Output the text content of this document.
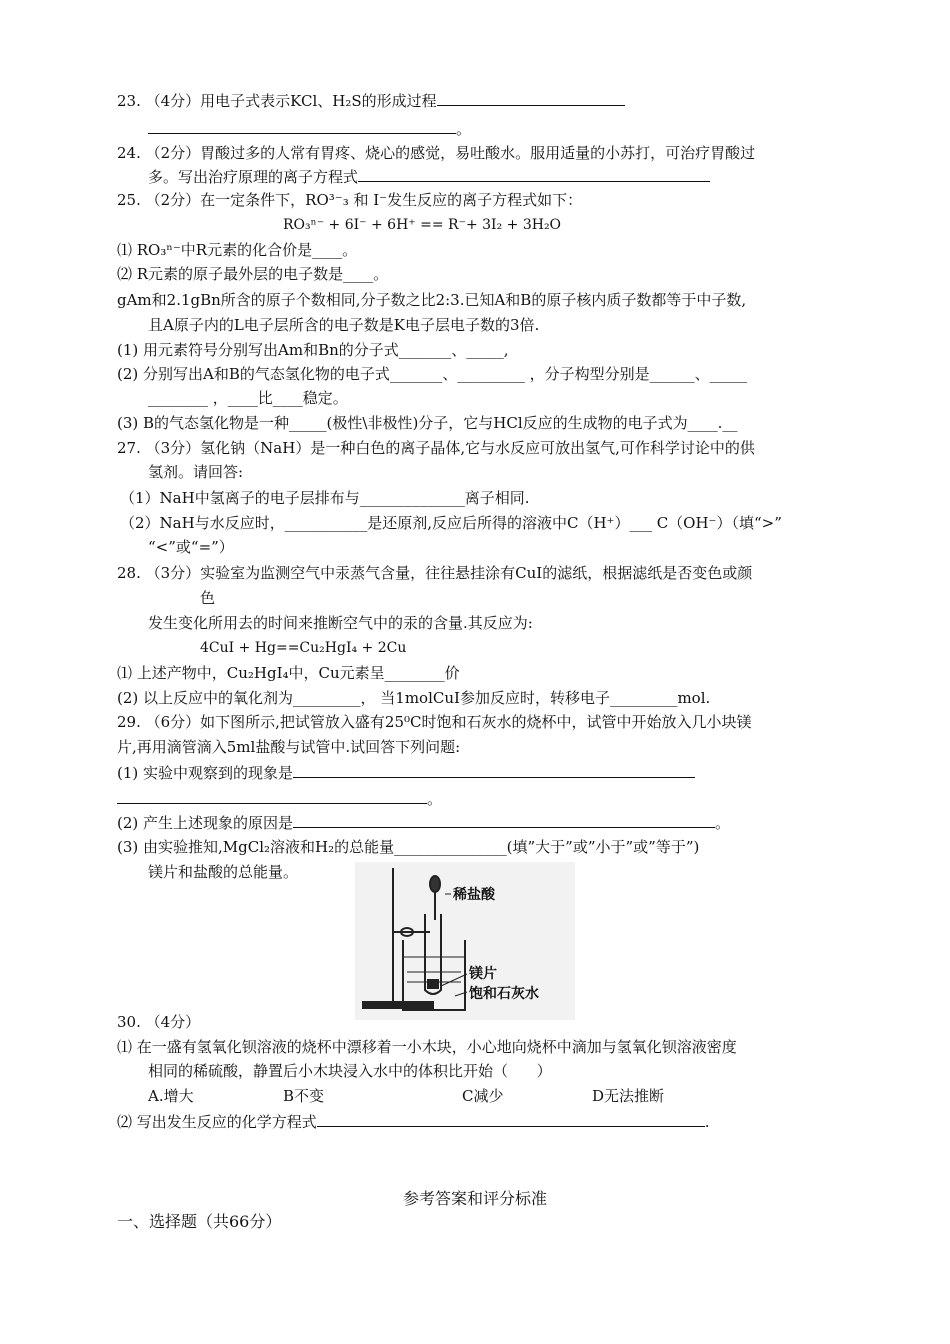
23. （4分）用电子式表示KCl、H₂S的形成过程
。
24. （2分）胃酸过多的人常有胃疼、烧心的感觉，易吐酸水。服用适量的小苏打，可治疗胃酸过
多。写出治疗原理的离子方程式
25. （2分）在一定条件下，RO³⁻₃ 和 I⁻发生反应的离子方程式如下：
RO₃ⁿ⁻ + 6I⁻ + 6H⁺ == R⁻+ 3I₂ + 3H₂O
⑴ RO₃ⁿ⁻中R元素的化合价是____。
⑵ R元素的原子最外层的电子数是____。
gAm和2.1gBn所含的原子个数相同,分子数之比2:3.已知A和B的原子核内质子数都等于中子数,
且A原子内的L电子层所含的电子数是K电子层电子数的3倍.
(1) 用元素符号分别写出Am和Bn的分子式_______、_____,
(2) 分别写出A和B的气态氢化物的电子式_______、_________ ，分子构型分别是______、_____
________ ，____比____稳定。
(3) B的气态氢化物是一种_____(极性\非极性)分子，它与HCl反应的生成物的电子式为____.__
27. （3分）氢化钠（NaH）是一种白色的离子晶体,它与水反应可放出氢气,可作科学讨论中的供
氢剂。请回答:
（1）NaH中氢离子的电子层排布与______________离子相同.
（2）NaH与水反应时，___________是还原剂,反应后所得的溶液中C（H⁺）___ C（OH⁻）（填“>”
“<”或“=”）
28. （3分）实验室为监测空气中汞蒸气含量，往往悬挂涂有CuI的滤纸，根据滤纸是否变色或颜
色
发生变化所用去的时间来推断空气中的汞的含量.其反应为:
4CuI + Hg==Cu₂HgI₄ + 2Cu
⑴ 上述产物中，Cu₂HgI₄中，Cu元素呈________价
(2) 以上反应中的氧化剂为_________， 当1molCuI参加反应时，转移电子_________mol.
29. （6分）如下图所示,把试管放入盛有25⁰C时饱和石灰水的烧杯中，试管中开始放入几小块镁
片,再用滴管滴入5ml盐酸与试管中.试回答下列问题:
(1) 实验中观察到的现象是
。
(2) 产生上述现象的原因是	。
(3) 由实验推知,MgCl₂溶液和H₂的总能量_______________(填”大于”或”小于”或”等于”)
镁片和盐酸的总能量。
稀盐酸
镁片
饱和石灰水
30. （4分）
⑴ 在一盛有氢氧化钡溶液的烧杯中漂移着一小木块，小心地向烧杯中滴加与氢氧化钡溶液密度
相同的稀硫酸，静置后小木块浸入水中的体积比开始（      ）
A.增大	B不变	C减少	D无法推断
⑵ 写出发生反应的化学方程式	.
参考答案和评分标准
一、选择题（共66分）
